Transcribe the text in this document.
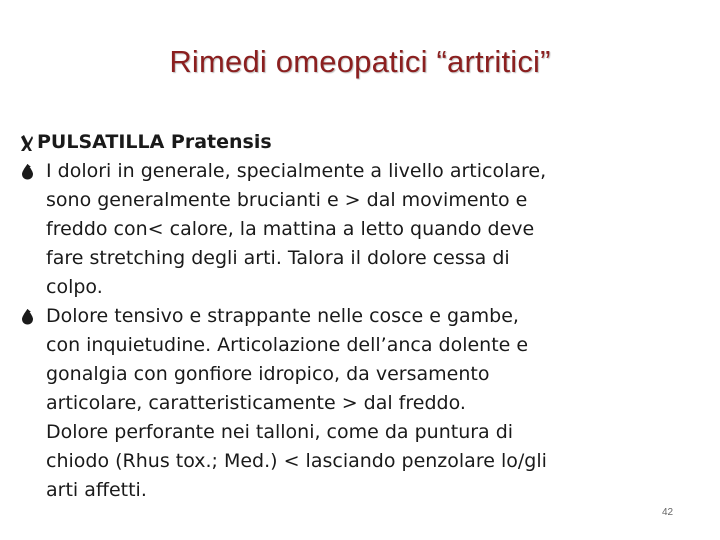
Rimedi omeopatici “artritici”
PULSATILLA Pratensis
I dolori in generale, specialmente a livello articolare,
sono generalmente brucianti e > dal movimento e
freddo con< calore, la mattina a letto quando deve
fare stretching degli arti. Talora il dolore cessa di
colpo.
Dolore tensivo e strappante nelle cosce e gambe,
con inquietudine. Articolazione dell’anca dolente e
gonalgia con gonfiore idropico, da versamento
articolare, caratteristicamente > dal freddo.
Dolore perforante nei talloni, come da puntura di
chiodo (Rhus tox.; Med.) < lasciando penzolare lo/gli
arti affetti.
42
